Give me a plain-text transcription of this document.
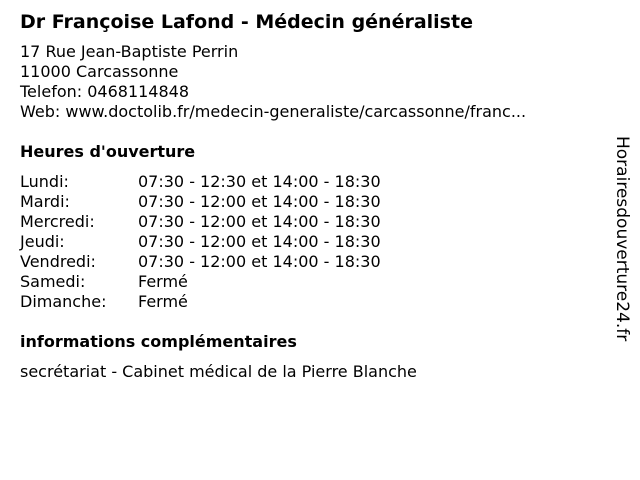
Dr Françoise Lafond - Médecin généraliste
17 Rue Jean-Baptiste Perrin
11000 Carcassonne
Telefon: 0468114848
Web: www.doctolib.fr/medecin-generaliste/carcassonne/franc...
Heures d'ouverture
Lundi:	07:30 - 12:30 et 14:00 - 18:30
Mardi:	07:30 - 12:00 et 14:00 - 18:30
Mercredi:	07:30 - 12:00 et 14:00 - 18:30
Jeudi:	07:30 - 12:00 et 14:00 - 18:30
Vendredi:	07:30 - 12:00 et 14:00 - 18:30
Samedi:	Fermé
Dimanche:	Fermé
informations complémentaires
secrétariat - Cabinet médical de la Pierre Blanche
Horairesdouverture24.fr
